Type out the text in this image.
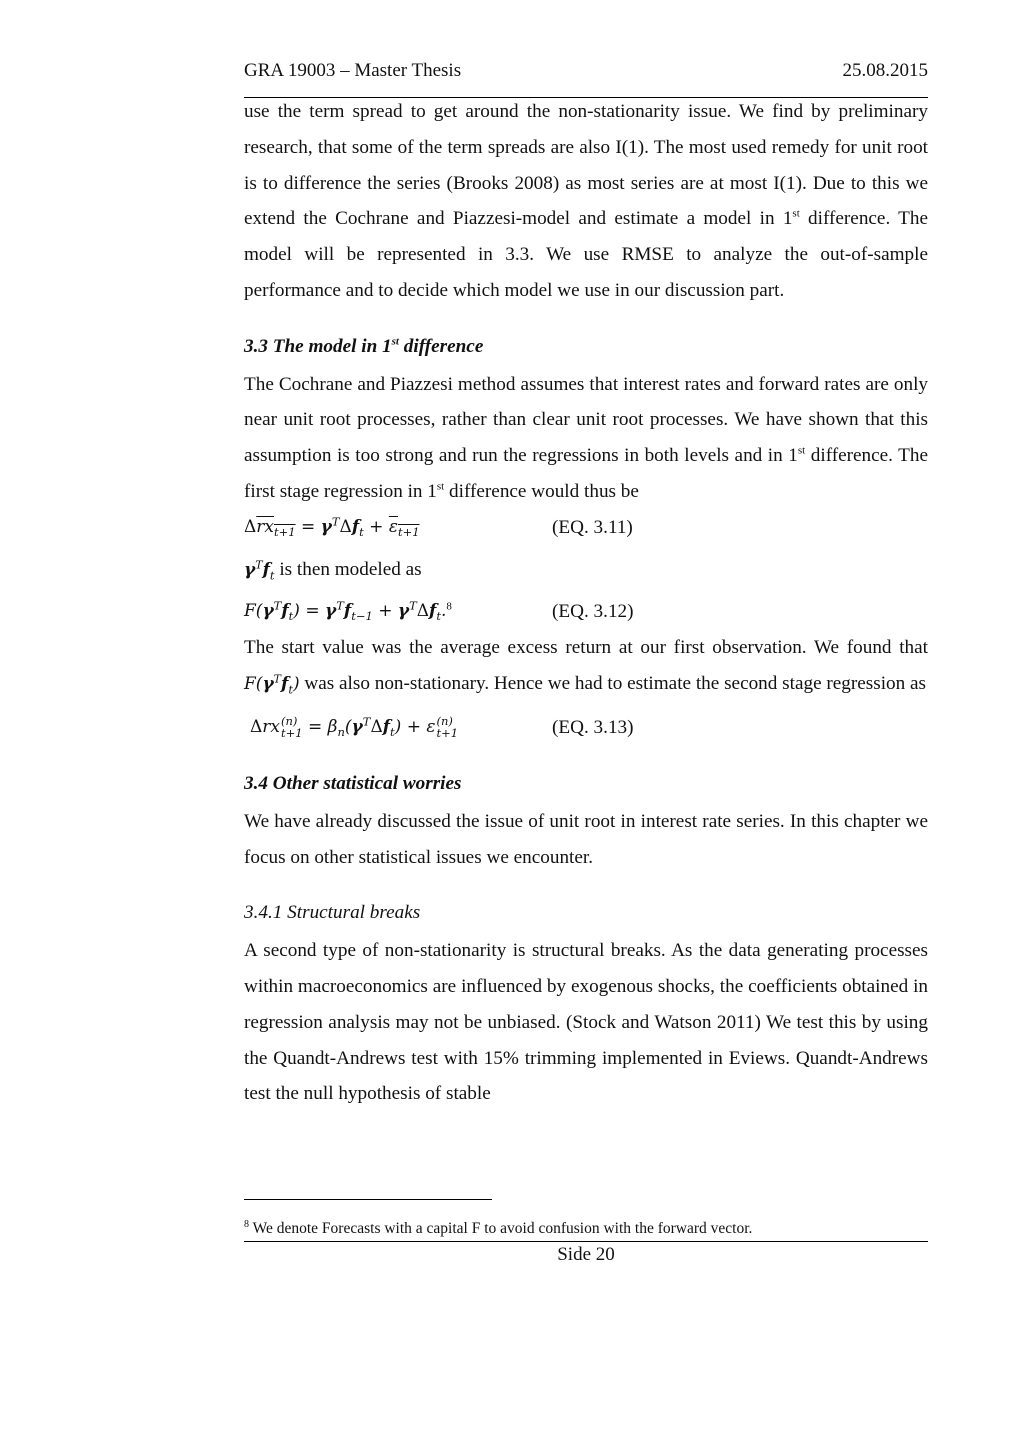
GRA 19003 – Master Thesis	25.08.2015

use the term spread to get around the non-stationarity issue. We find by preliminary research, that some of the term spreads are also I(1). The most used remedy for unit root is to difference the series (Brooks 2008) as most series are at most I(1). Due to this we extend the Cochrane and Piazzesi-model and estimate a model in 1st difference. The model will be represented in 3.3. We use RMSE to analyze the out-of-sample performance and to decide which model we use in our discussion part.

3.3 The model in 1st difference

The Cochrane and Piazzesi method assumes that interest rates and forward rates are only near unit root processes, rather than clear unit root processes. We have shown that this assumption is too strong and run the regressions in both levels and in 1st difference. The first stage regression in 1st difference would thus be

$\Delta rx_{t+1} = \gamma^T\Delta f_t + \varepsilon_{t+1}$	(EQ. 3.11)

$\gamma^Tf_t$ is then modeled as

$F(\gamma^Tf_t) = \gamma^Tf_{t-1} + \gamma^T\Delta f_t.^8$	(EQ. 3.12)

The start value was the average excess return at our first observation. We found that $F(\gamma^Tf_t)$ was also non-stationary. Hence we had to estimate the second stage regression as

Δrx(n)
$t+1 = \beta_n(\gamma^T\Delta f_t) + \varepsilon(n)$
t+1	(EQ. 3.13)

3.4 Other statistical worries

We have already discussed the issue of unit root in interest rate series. In this chapter we focus on other statistical issues we encounter.

3.4.1 Structural breaks

A second type of non-stationarity is structural breaks. As the data generating processes within macroeconomics are influenced by exogenous shocks, the coefficients obtained in regression analysis may not be unbiased. (Stock and Watson 2011) We test this by using the Quandt-Andrews test with 15% trimming implemented in Eviews. Quandt-Andrews test the null hypothesis of stable

$^8$ We denote Forecasts with a capital F to avoid confusion with the forward vector.
Side 20
